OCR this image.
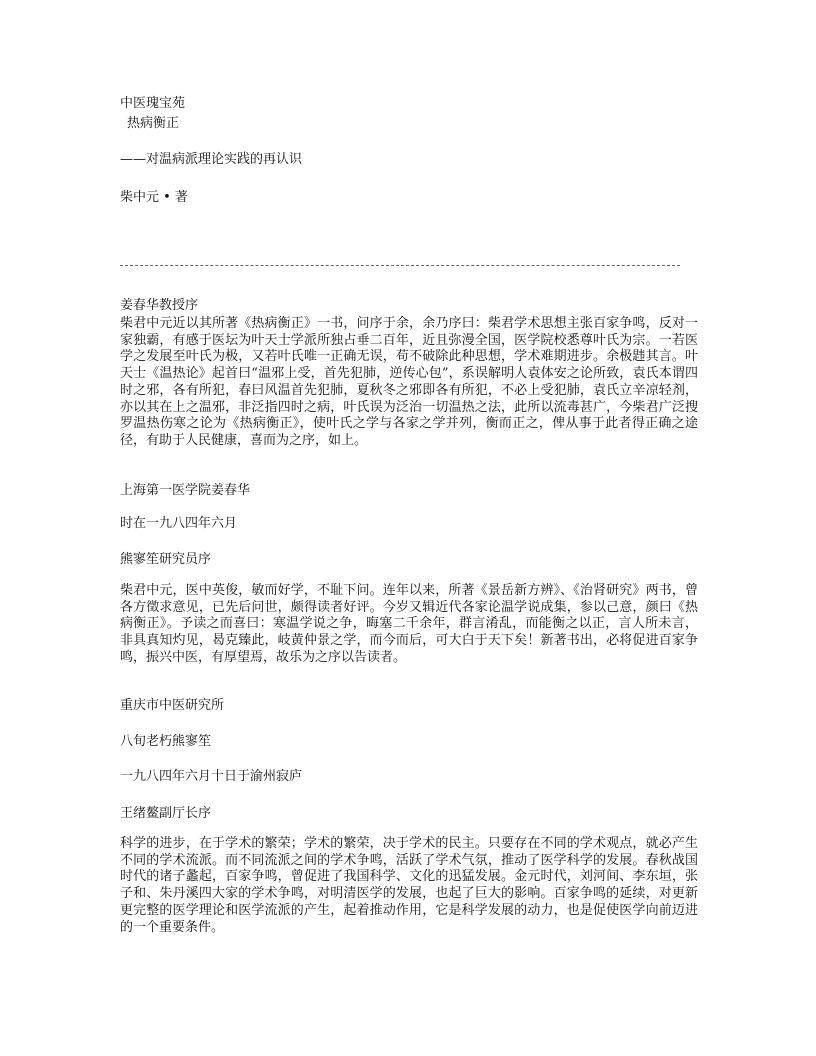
中医瑰宝苑

热病衡正

——对温病派理论实践的再认识

柴中元 • 著

姜春华教授序

柴君中元近以其所著《热病衡正》一书，问序于余，余乃序曰：柴君学术思想主张百家争鸣，反对一家独霸，有感于医坛为叶天士学派所独占垂二百年，近且弥漫全国，医学院校悉尊叶氏为宗。一若医学之发展至叶氏为极，又若叶氏唯一正确无误，苟不破除此种思想，学术难期进步。余极韪其言。叶天士《温热论》起首曰“温邪上受，首先犯肺，逆传心包”，系误解明人袁体安之论所致，袁氏本谓四时之邪，各有所犯，春曰风温首先犯肺，夏秋冬之邪即各有所犯，不必上受犯肺，袁氏立辛凉轻剂，亦以其在上之温邪，非泛指四时之病，叶氏误为泛治一切温热之法，此所以流毒甚广，今柴君广泛搜罗温热伤寒之论为《热病衡正》，使叶氏之学与各家之学并列，衡而正之，俾从事于此者得正确之途径，有助于人民健康，喜而为之序，如上。

上海第一医学院姜春华

时在一九八四年六月

熊寥笙研究员序

柴君中元，医中英俊，敏而好学，不耻下问。连年以来，所著《景岳新方辨》、《治肾研究》两书，曾各方徵求意见，已先后问世，颇得读者好评。今岁又辑近代各家论温学说成集，参以己意，颜曰《热病衡正》。予读之而喜曰：寒温学说之争，晦塞二千余年，群言淆乱，而能衡之以正，言人所未言，非具真知灼见，曷克臻此，岐黄仲景之学，而今而后，可大白于天下矣！新著书出，必将促进百家争鸣，振兴中医，有厚望焉，故乐为之序以告读者。

重庆市中医研究所

八旬老朽熊寥笙

一九八四年六月十日于渝州寂庐

王绪鳌副厅长序

科学的进步，在于学术的繁荣；学术的繁荣，决于学术的民主。只要存在不同的学术观点，就必产生不同的学术流派。而不同流派之间的学术争鸣，活跃了学术气氛，推动了医学科学的发展。春秋战国时代的诸子蠡起，百家争鸣，曾促进了我国科学、文化的迅猛发展。金元时代，刘河间、李东垣，张子和、朱丹溪四大家的学术争鸣，对明清医学的发展，也起了巨大的影响。百家争鸣的延续，对更新更完整的医学理论和医学流派的产生，起着推动作用，它是科学发展的动力，也是促使医学向前迈进的一个重要条件。
